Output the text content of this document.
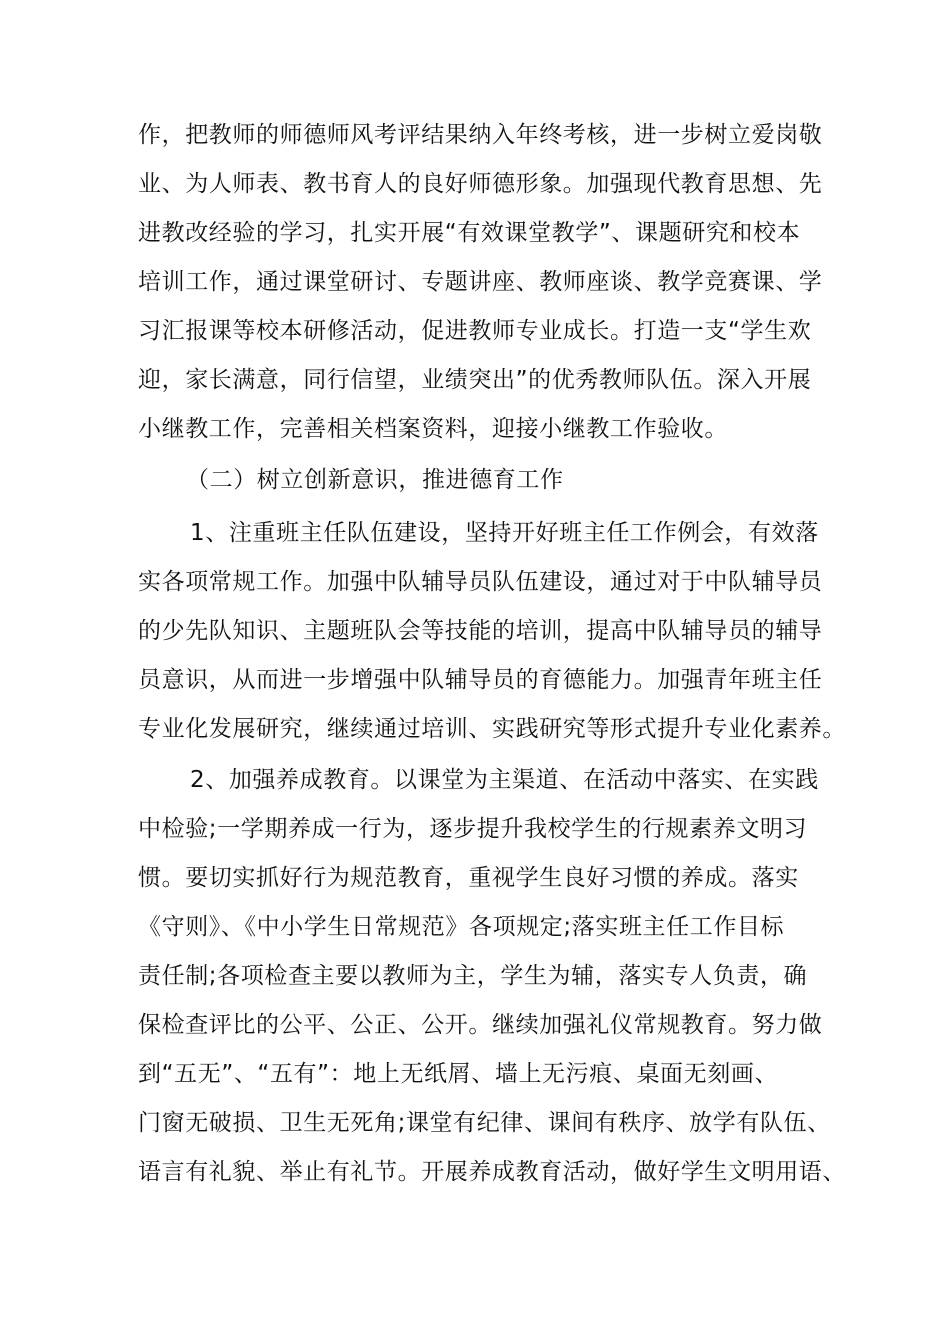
作，把教师的师德师风考评结果纳入年终考核，进一步树立爱岗敬
业、为人师表、教书育人的良好师德形象。加强现代教育思想、先
进教改经验的学习，扎实开展“有效课堂教学”、课题研究和校本
培训工作，通过课堂研讨、专题讲座、教师座谈、教学竞赛课、学
习汇报课等校本研修活动，促进教师专业成长。打造一支“学生欢
迎，家长满意，同行信望，业绩突出”的优秀教师队伍。深入开展
小继教工作，完善相关档案资料，迎接小继教工作验收。
（二）树立创新意识，推进德育工作
1、注重班主任队伍建设，坚持开好班主任工作例会，有效落
实各项常规工作。加强中队辅导员队伍建设，通过对于中队辅导员
的少先队知识、主题班队会等技能的培训，提高中队辅导员的辅导
员意识，从而进一步增强中队辅导员的育德能力。加强青年班主任
专业化发展研究，继续通过培训、实践研究等形式提升专业化素养。
2、加强养成教育。以课堂为主渠道、在活动中落实、在实践
中检验;一学期养成一行为，逐步提升我校学生的行规素养文明习
惯。要切实抓好行为规范教育，重视学生良好习惯的养成。落实
《守则》、《中小学生日常规范》各项规定;落实班主任工作目标
责任制;各项检查主要以教师为主，学生为辅，落实专人负责，确
保检查评比的公平、公正、公开。继续加强礼仪常规教育。努力做
到“五无”、“五有”：地上无纸屑、墙上无污痕、桌面无刻画、
门窗无破损、卫生无死角;课堂有纪律、课间有秩序、放学有队伍、
语言有礼貌、举止有礼节。开展养成教育活动，做好学生文明用语、
